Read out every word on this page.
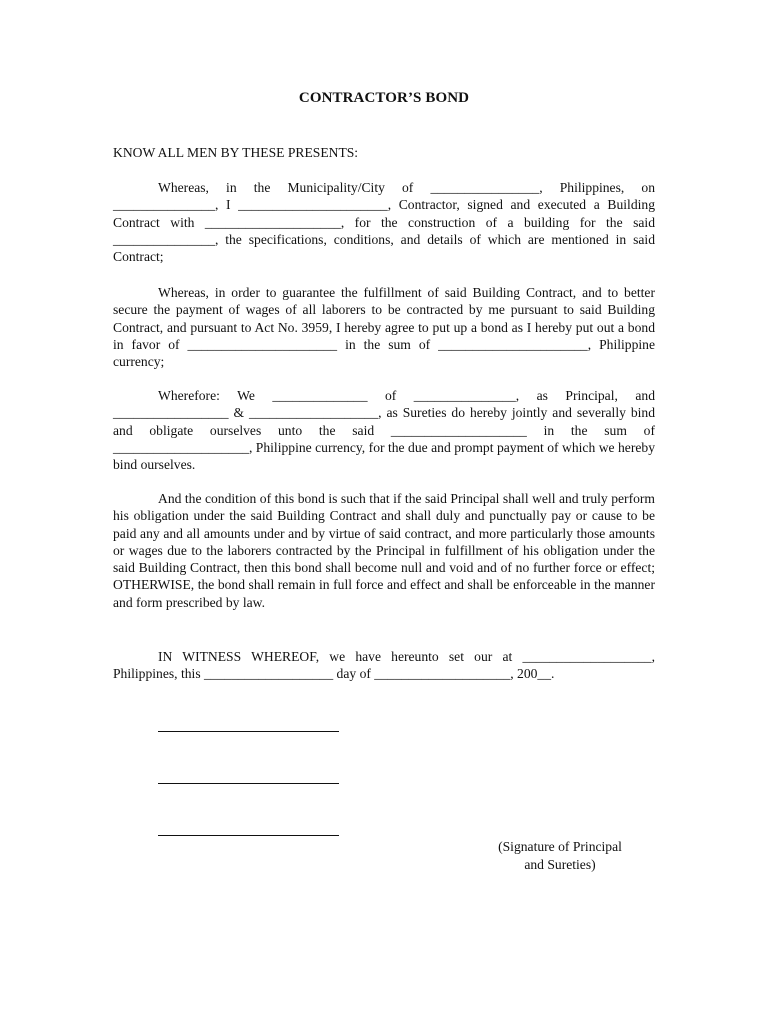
CONTRACTOR’S BOND
KNOW ALL MEN BY THESE PRESENTS:
Whereas, in the Municipality/City of ________________, Philippines, on _______________, I ______________________, Contractor, signed and executed a Building Contract with ____________________, for the construction of a building for the said _______________, the specifications, conditions, and details of which are mentioned in said Contract;
Whereas, in order to guarantee the fulfillment of said Building Contract, and to better secure the payment of wages of all laborers to be contracted by me pursuant to said Building Contract, and pursuant to Act No. 3959, I hereby agree to put up a bond as I hereby put out a bond in favor of ______________________ in the sum of ______________________, Philippine currency;
Wherefore: We ______________ of _______________, as Principal, and _________________ & ___________________, as Sureties do hereby jointly and severally bind and obligate ourselves unto the said ____________________ in the sum of ____________________, Philippine currency, for the due and prompt payment of which we hereby bind ourselves.
And the condition of this bond is such that if the said Principal shall well and truly perform his obligation under the said Building Contract and shall duly and punctually pay or cause to be paid any and all amounts under and by virtue of said contract, and more particularly those amounts or wages due to the laborers contracted by the Principal in fulfillment of his obligation under the said Building Contract, then this bond shall become null and void and of no further force or effect; OTHERWISE, the bond shall remain in full force and effect and shall be enforceable in the manner and form prescribed by law.
IN WITNESS WHEREOF, we have hereunto set our at ___________________, Philippines, this ___________________ day of ____________________, 200__.
(Signature of Principal
and Sureties)
